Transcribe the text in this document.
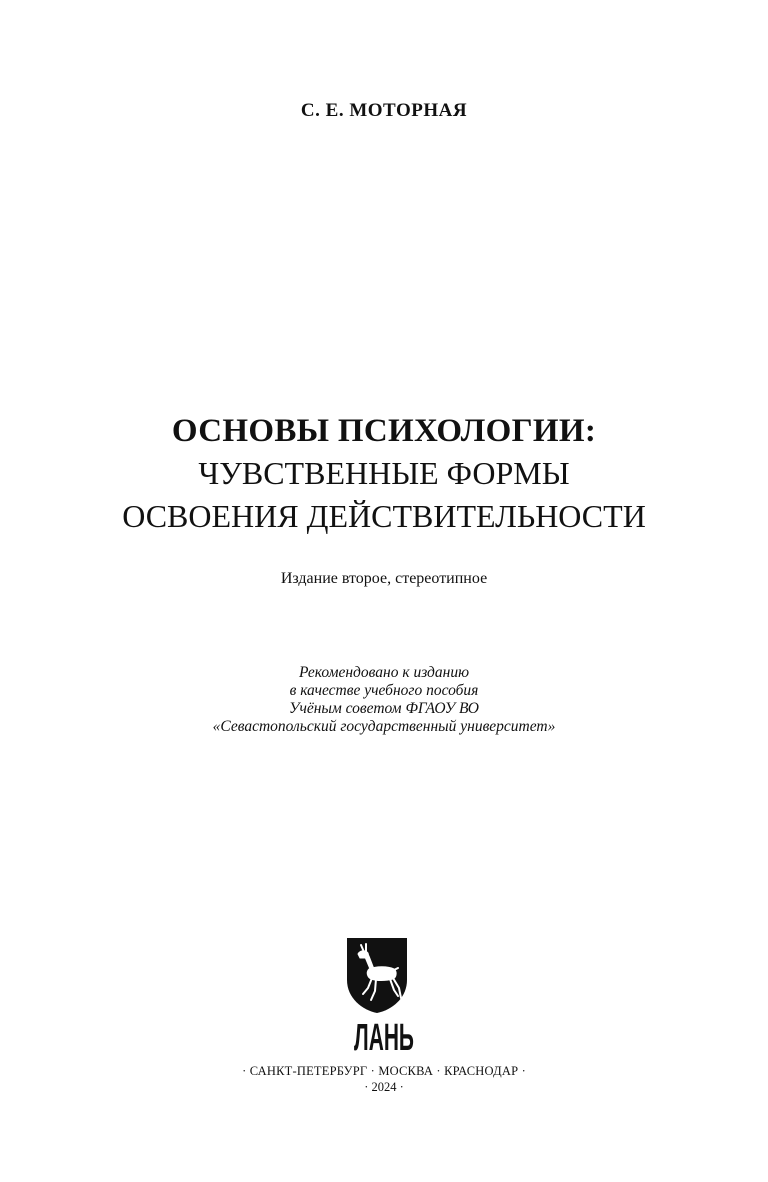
С. Е. МОТОРНАЯ

ОСНОВЫ ПСИХОЛОГИИ:
ЧУВСТВЕННЫЕ ФОРМЫ
ОСВОЕНИЯ ДЕЙСТВИТЕЛЬНОСТИ

Издание второе, стереотипное

Рекомендовано к изданию
в качестве учебного пособия
Учёным советом ФГАОУ ВО
«Севастопольский государственный университет»
ЛАНЬ

· САНКТ-ПЕТЕРБУРГ · МОСКВА · КРАСНОДАР ·

· 2024 ·
